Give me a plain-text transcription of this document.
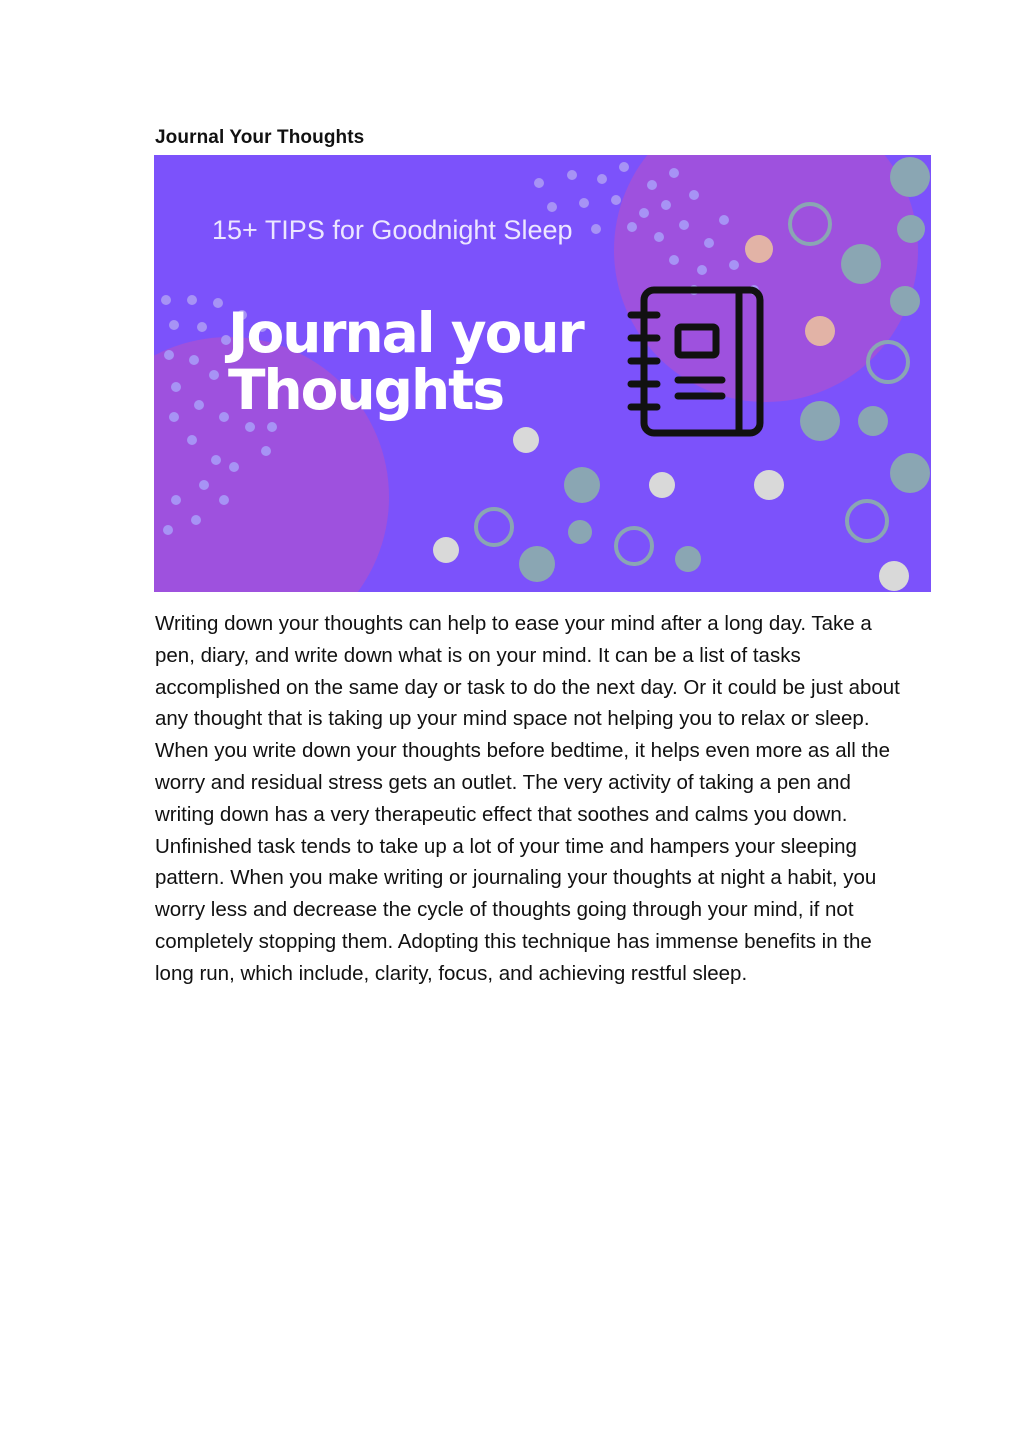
Journal Your Thoughts
15+ TIPS for Goodnight Sleep
Journal your Thoughts

Writing down your thoughts can help to ease your mind after a long day. Take a pen, diary, and write down what is on your mind. It can be a list of tasks accomplished on the same day or task to do the next day. Or it could be just about any thought that is taking up your mind space not helping you to relax or sleep. When you write down your thoughts before bedtime, it helps even more as all the worry and residual stress gets an outlet. The very activity of taking a pen and writing down has a very therapeutic effect that soothes and calms you down. Unfinished task tends to take up a lot of your time and hampers your sleeping pattern. When you make writing or journaling your thoughts at night a habit, you worry less and decrease the cycle of thoughts going through your mind, if not completely stopping them. Adopting this technique has immense benefits in the long run, which include, clarity, focus, and achieving restful sleep.
